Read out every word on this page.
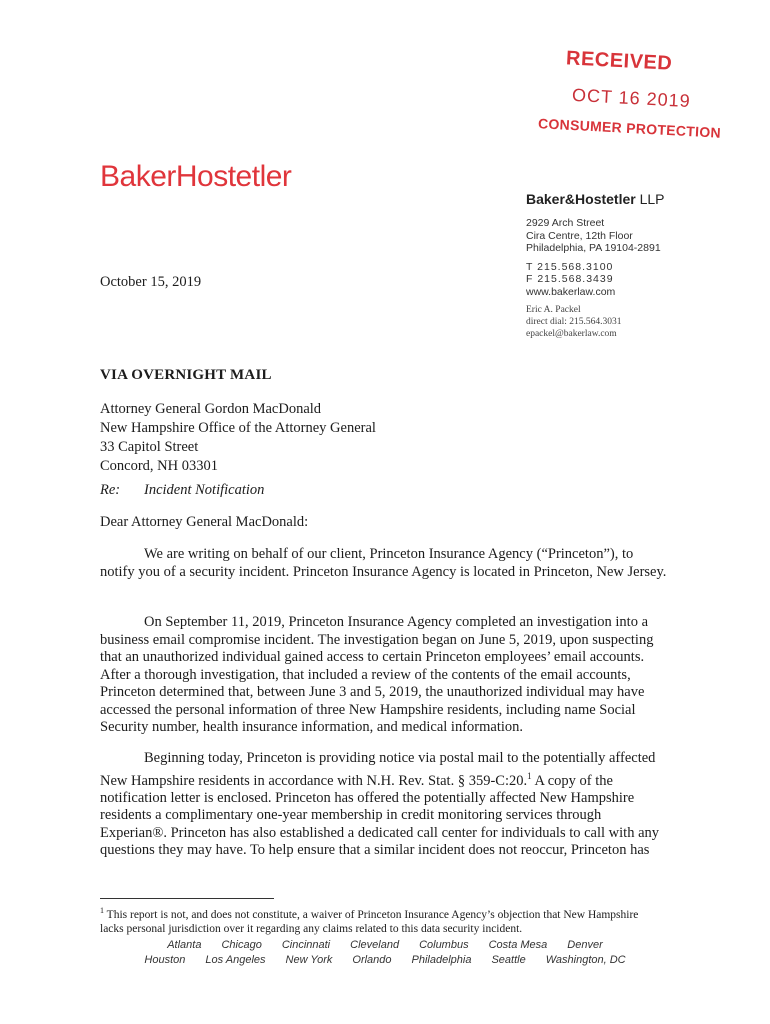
RECEIVED
OCT 16 2019
CONSUMER PROTECTION
BakerHostetler
Baker&Hostetler LLP
2929 Arch Street
Cira Centre, 12th Floor
Philadelphia, PA 19104-2891
T 215.568.3100
F 215.568.3439
www.bakerlaw.com
Eric A. Packel
direct dial: 215.564.3031
epackel@bakerlaw.com
October 15, 2019
VIA OVERNIGHT MAIL
Attorney General Gordon MacDonald
New Hampshire Office of the Attorney General
33 Capitol Street
Concord, NH 03301
Re: Incident Notification
Dear Attorney General MacDonald:

We are writing on behalf of our client, Princeton Insurance Agency (“Princeton”), to notify you of a security incident. Princeton Insurance Agency is located in Princeton, New Jersey.

On September 11, 2019, Princeton Insurance Agency completed an investigation into a business email compromise incident. The investigation began on June 5, 2019, upon suspecting that an unauthorized individual gained access to certain Princeton employees’ email accounts. After a thorough investigation, that included a review of the contents of the email accounts, Princeton determined that, between June 3 and 5, 2019, the unauthorized individual may have accessed the personal information of three New Hampshire residents, including name Social Security number, health insurance information, and medical information.

Beginning today, Princeton is providing notice via postal mail to the potentially affected New Hampshire residents in accordance with N.H. Rev. Stat. § 359-C:20.$^1$ A copy of the notification letter is enclosed. Princeton has offered the potentially affected New Hampshire residents a complimentary one-year membership in credit monitoring services through Experian®. Princeton has also established a dedicated call center for individuals to call with any questions they may have. To help ensure that a similar incident does not reoccur, Princeton has

$^1$ This report is not, and does not constitute, a waiver of Princeton Insurance Agency’s objection that New Hampshire lacks personal jurisdiction over it regarding any claims related to this data security incident.
Atlanta Chicago Cincinnati Cleveland Columbus Costa Mesa Denver
Houston Los Angeles New York Orlando Philadelphia Seattle Washington, DC
